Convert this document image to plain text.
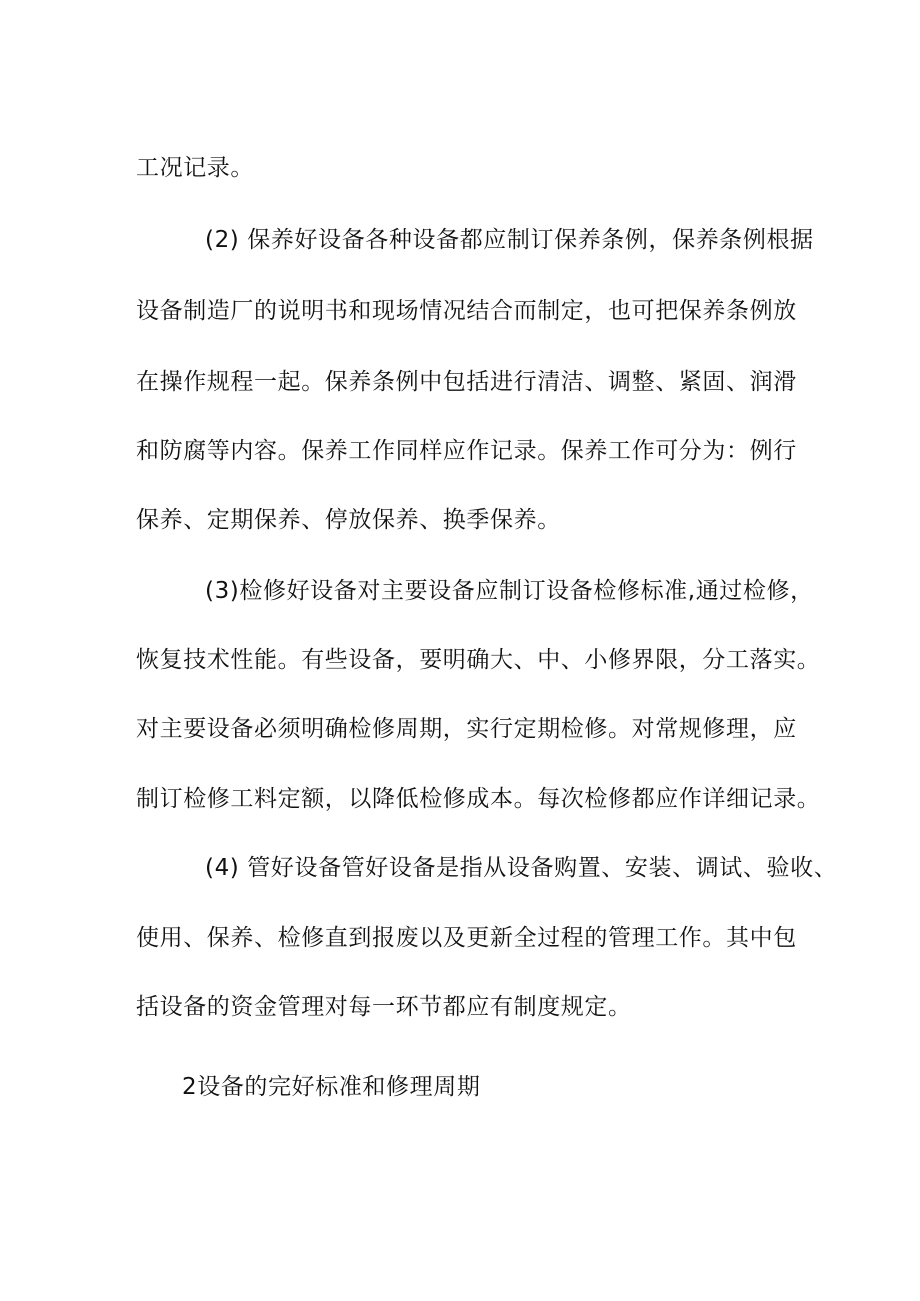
工况记录。
(2) 保养好设备各种设备都应制订保养条例，保养条例根据
设备制造厂的说明书和现场情况结合而制定，也可把保养条例放
在操作规程一起。保养条例中包括进行清洁、调整、紧固、润滑
和防腐等内容。保养工作同样应作记录。保养工作可分为：例行
保养、定期保养、停放保养、换季保养。
(3)检修好设备对主要设备应制订设备检修标准,通过检修，
恢复技术性能。有些设备，要明确大、中、小修界限，分工落实。
对主要设备必须明确检修周期，实行定期检修。对常规修理，应
制订检修工料定额，以降低检修成本。每次检修都应作详细记录。
(4) 管好设备管好设备是指从设备购置、安装、调试、验收、
使用、保养、检修直到报废以及更新全过程的管理工作。其中包
括设备的资金管理对每一环节都应有制度规定。
2设备的完好标准和修理周期
